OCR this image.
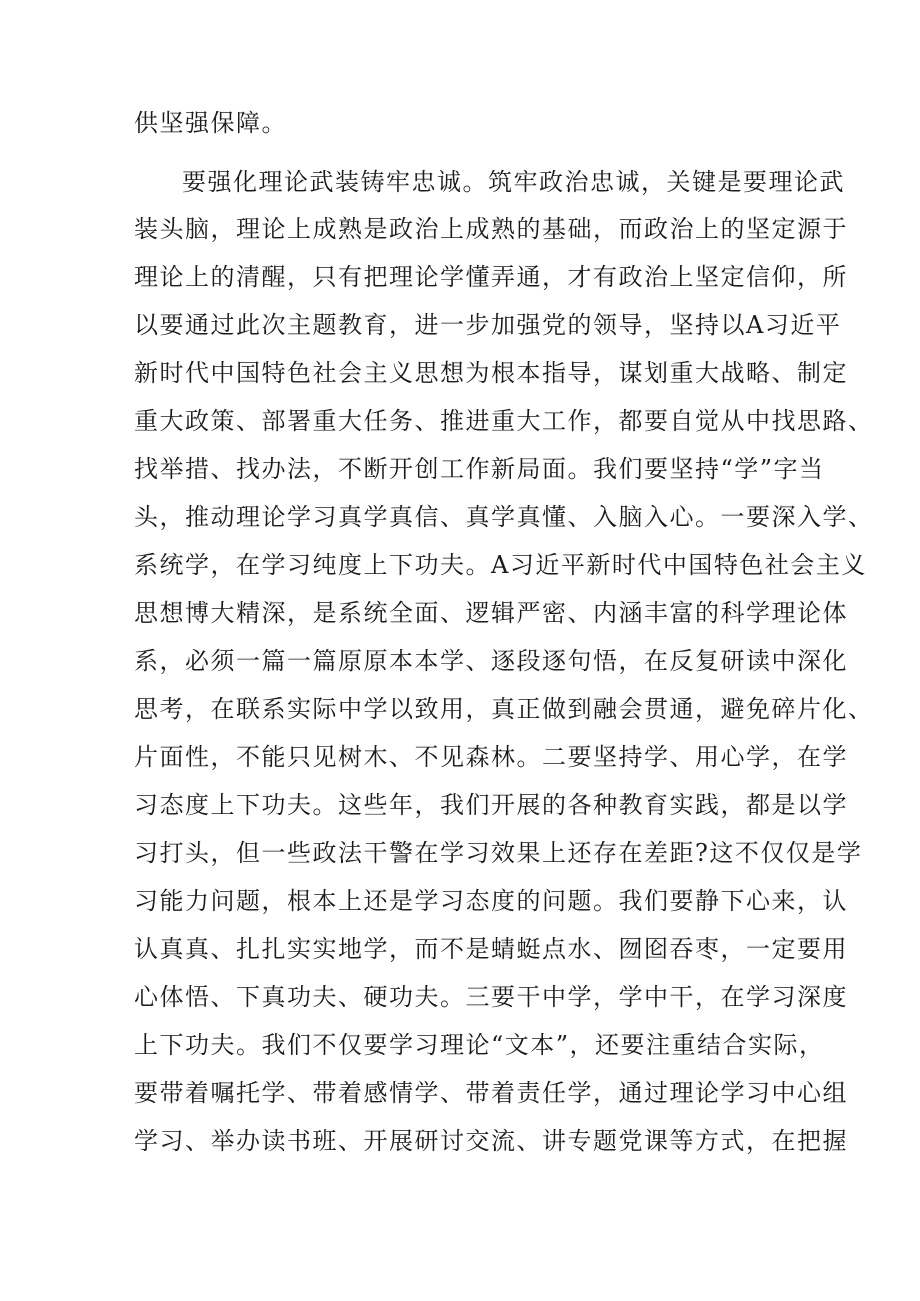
供坚强保障。
要强化理论武装铸牢忠诚。筑牢政治忠诚，关键是要理论武
装头脑，理论上成熟是政治上成熟的基础，而政治上的坚定源于
理论上的清醒，只有把理论学懂弄通，才有政治上坚定信仰，所
以要通过此次主题教育，进一步加强党的领导，坚持以A习近平
新时代中国特色社会主义思想为根本指导，谋划重大战略、制定
重大政策、部署重大任务、推进重大工作，都要自觉从中找思路、
找举措、找办法，不断开创工作新局面。我们要坚持“学”字当
头，推动理论学习真学真信、真学真懂、入脑入心。一要深入学、
系统学，在学习纯度上下功夫。A习近平新时代中国特色社会主义
思想博大精深，是系统全面、逻辑严密、内涵丰富的科学理论体
系，必须一篇一篇原原本本学、逐段逐句悟，在反复研读中深化
思考，在联系实际中学以致用，真正做到融会贯通，避免碎片化、
片面性，不能只见树木、不见森林。二要坚持学、用心学，在学
习态度上下功夫。这些年，我们开展的各种教育实践，都是以学
习打头，但一些政法干警在学习效果上还存在差距?这不仅仅是学
习能力问题，根本上还是学习态度的问题。我们要静下心来，认
认真真、扎扎实实地学，而不是蜻蜓点水、囫囵吞枣，一定要用
心体悟、下真功夫、硬功夫。三要干中学，学中干，在学习深度
上下功夫。我们不仅要学习理论“文本”，还要注重结合实际，
要带着嘱托学、带着感情学、带着责任学，通过理论学习中心组
学习、举办读书班、开展研讨交流、讲专题党课等方式，在把握
